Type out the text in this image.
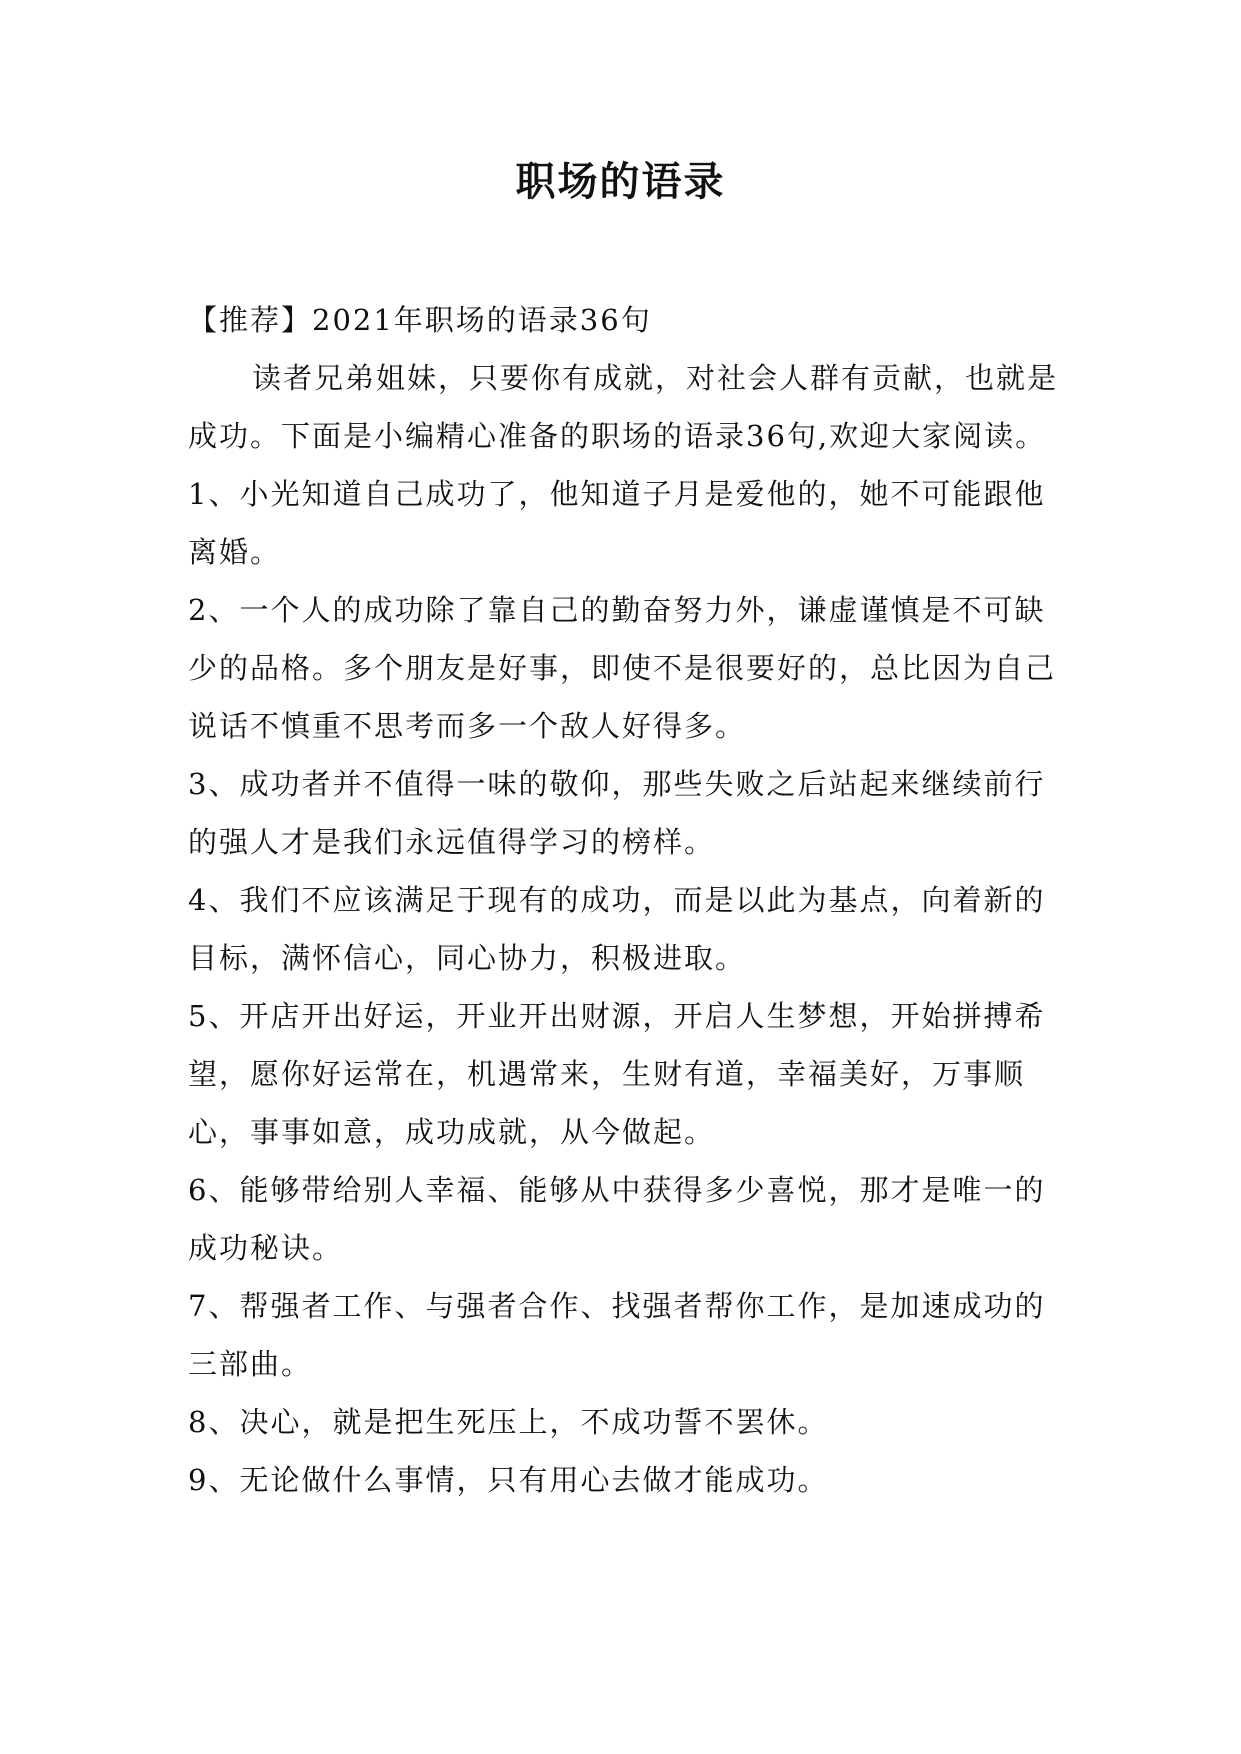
职场的语录

【推荐】2021年职场的语录36句

读者兄弟姐妹，只要你有成就，对社会人群有贡献，也就是成功。下面是小编精心准备的职场的语录36句,欢迎大家阅读。

1、小光知道自己成功了，他知道子月是爱他的，她不可能跟他离婚。

2、一个人的成功除了靠自己的勤奋努力外，谦虚谨慎是不可缺少的品格。多个朋友是好事，即使不是很要好的，总比因为自己说话不慎重不思考而多一个敌人好得多。

3、成功者并不值得一味的敬仰，那些失败之后站起来继续前行的强人才是我们永远值得学习的榜样。

4、我们不应该满足于现有的成功，而是以此为基点，向着新的目标，满怀信心，同心协力，积极进取。

5、开店开出好运，开业开出财源，开启人生梦想，开始拼搏希望，愿你好运常在，机遇常来，生财有道，幸福美好，万事顺心，事事如意，成功成就，从今做起。

6、能够带给别人幸福、能够从中获得多少喜悦，那才是唯一的成功秘诀。

7、帮强者工作、与强者合作、找强者帮你工作，是加速成功的三部曲。

8、决心，就是把生死压上，不成功誓不罢休。

9、无论做什么事情，只有用心去做才能成功。
